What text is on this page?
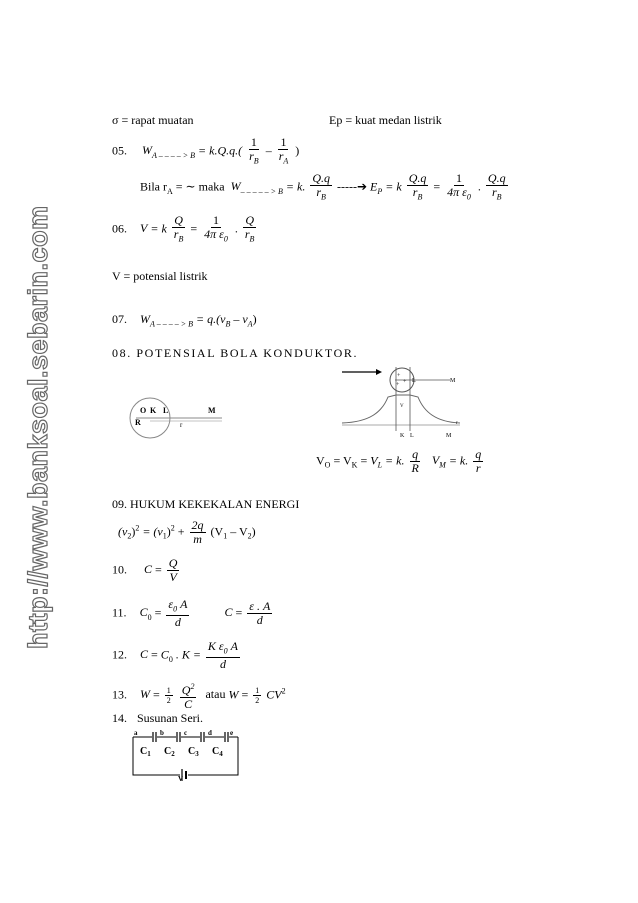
http://www.banksoal.sebarin.com
σ = rapat muatan	Ep = kuat medan listrik
05. $W_{A - - - - > B} = k.Q.q.( \frac{1}{r_B} - \frac{1}{r_A}$ )
Bila $r_A$ = ∼ maka $W_{- - - - - > B} = k$. $\frac{Q.q}{r_B}$ -----➔ $E_P = k \frac{Q.q}{r_B} = \frac{1}{4\pi \varepsilon_0}$ . $\frac{Q.q}{r_B}$
06. V = k $\frac{Q}{r_B} = \frac{1}{4\pi \varepsilon_0}$ . $\frac{Q}{r_B}$
V = potensial listrik
07. $W_{A - - - - > B} = q.(v_B - v_A)$
08. POTENSIAL BOLA KONDUKTOR.
O K L	M
R	r
+
+
+
L	M
V
K L	M
r
$V_O = V_K = V_L = k$. $\frac{q}{R} V_M = k$. $\frac{q}{r}$
09. HUKUM KEKEKALAN ENERGI
$(v_2)^2 = (v_1)^2 + \frac{2q}{m} (V_1 - V_2)$
10. $C = \frac{Q}{V}$
11. $C_0 = \frac{\varepsilon_0 A}{d}$	$C = \frac{\varepsilon . A}{d}$
12. $C = C_0$ . $K = \frac{K \varepsilon_0 A}{d}$
13. $W = \frac{1}{2}$
$\frac{Q^2}{C}$ atau $W = \frac{1}{2} CV^2$
14. Susunan Seri.
V
a	b	c	d	e
$C_1$ $C_2$ $C_3$ $C_4$
